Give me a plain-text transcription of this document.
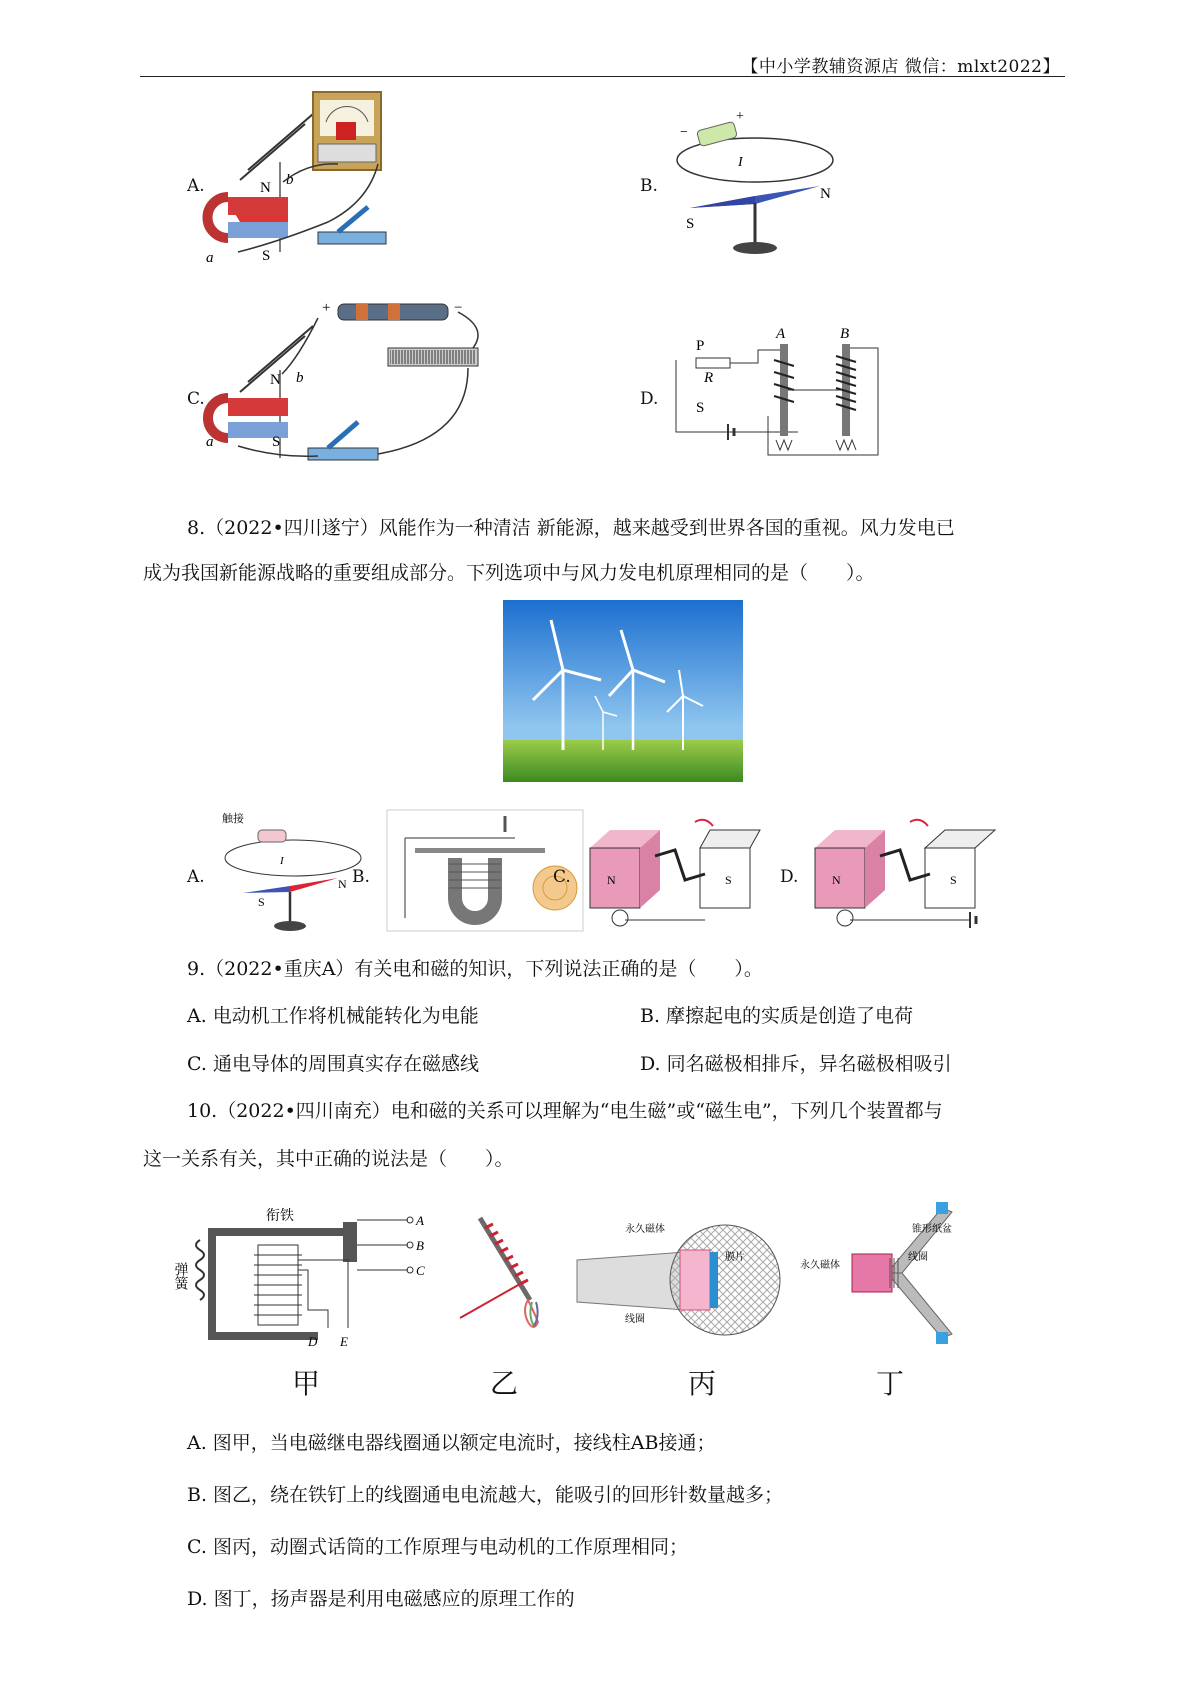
【中小学教辅资源店 微信：mlxt2022】
A.	N
S
a
b	B.
−
+
I
N
S
C.
N
S
a
b
+	−
D.
A	B
P
R
S
8.（2022•四川遂宁）风能作为一种清洁 新能源，越来越受到世界各国的重视。风力发电已
成为我国新能源战略的重要组成部分。下列选项中与风力发电机原理相同的是（　　）。
A.
触接
I
N
S
B.	C.	N	S	D.	N	S
9.（2022•重庆A）有关电和磁的知识，下列说法正确的是（　　）。
A. 电动机工作将机械能转化为电能	B. 摩擦起电的实质是创造了电荷
C. 通电导体的周围真实存在磁感线	D. 同名磁极相排斥，异名磁极相吸引
10.（2022•四川南充）电和磁的关系可以理解为“电生磁”或“磁生电”，下列几个装置都与
这一关系有关，其中正确的说法是（　　）。
衔铁
弹簧
A
B
C
D E
甲	乙
永久磁体
膜片
线圈
丙
永久磁体
线圈
锥形纸盆
丁
A. 图甲，当电磁继电器线圈通以额定电流时，接线柱AB接通；
B. 图乙，绕在铁钉上的线圈通电电流越大，能吸引的回形针数量越多；
C. 图丙，动圈式话筒的工作原理与电动机的工作原理相同；
D. 图丁，扬声器是利用电磁感应的原理工作的
